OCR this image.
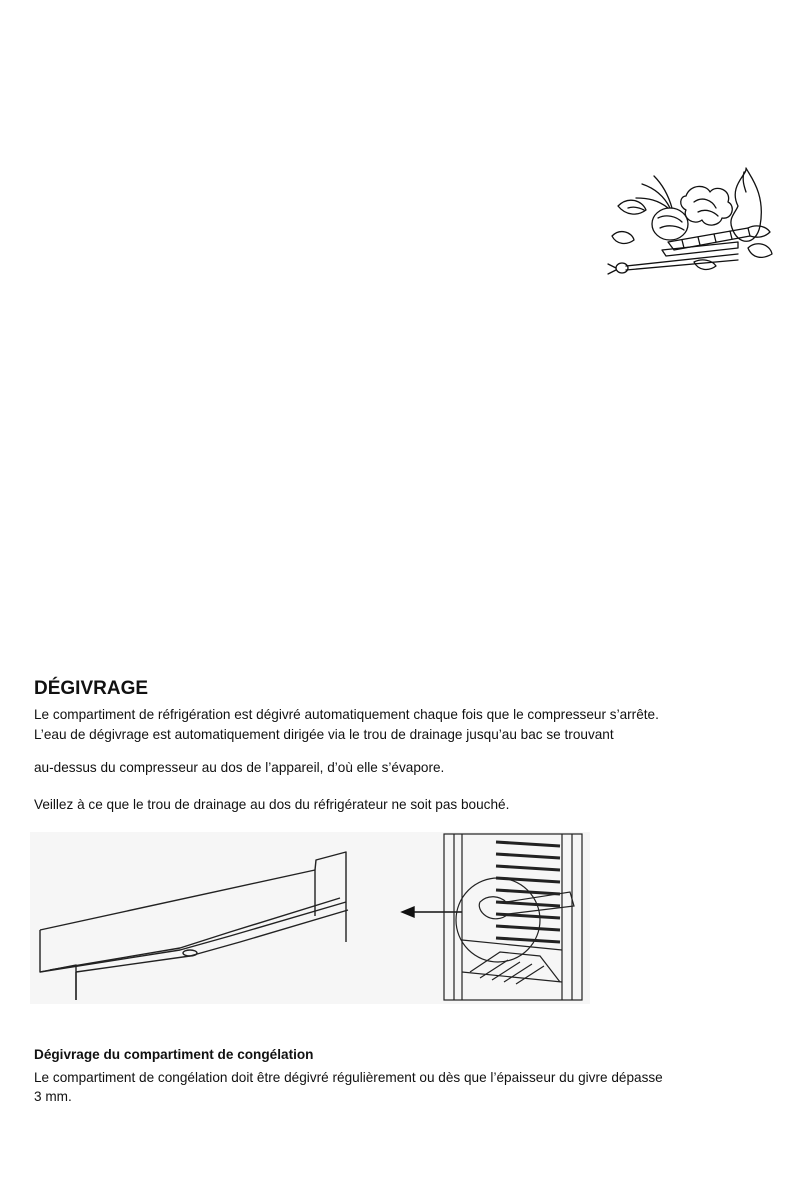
DÉGIVRAGE
Le compartiment de réfrigération est dégivré automatiquement chaque fois que le compresseur s’arrête.
L’eau de dégivrage est automatiquement dirigée via le trou de drainage jusqu’au bac se trouvant
au-dessus du compresseur au dos de l’appareil, d’où elle s’évapore.
Veillez à ce que le trou de drainage au dos du réfrigérateur ne soit pas bouché.
Dégivrage du compartiment de congélation
Le compartiment de congélation doit être dégivré régulièrement ou dès que l’épaisseur du givre dépasse
3 mm.
